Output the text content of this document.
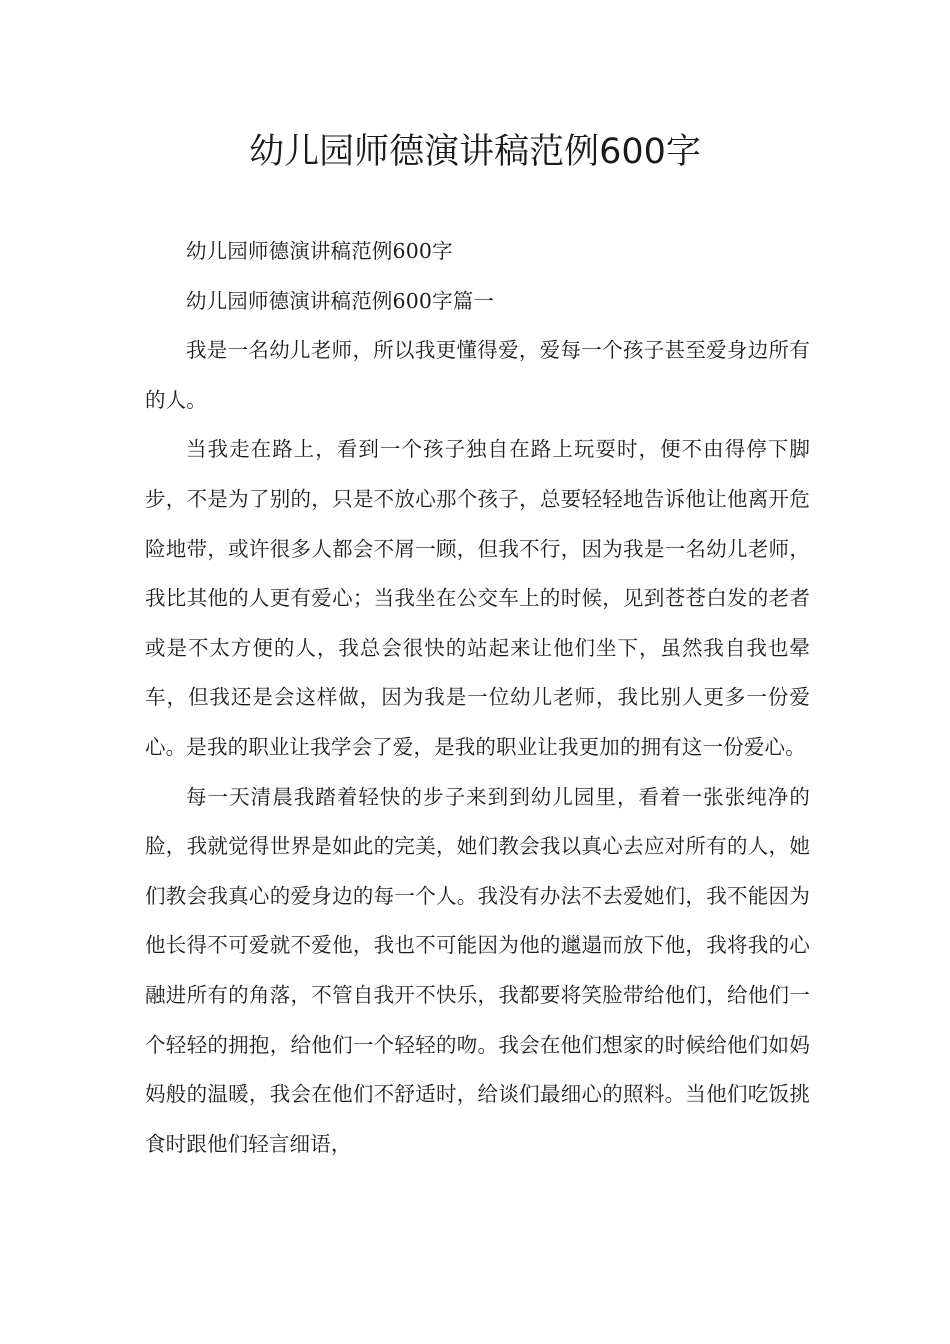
幼儿园师德演讲稿范例600字

幼儿园师德演讲稿范例600字

幼儿园师德演讲稿范例600字篇一

我是一名幼儿老师，所以我更懂得爱，爱每一个孩子甚至爱身边所有的人。

当我走在路上，看到一个孩子独自在路上玩耍时，便不由得停下脚步，不是为了别的，只是不放心那个孩子，总要轻轻地告诉他让他离开危险地带，或许很多人都会不屑一顾，但我不行，因为我是一名幼儿老师，我比其他的人更有爱心；当我坐在公交车上的时候，见到苍苍白发的老者或是不太方便的人，我总会很快的站起来让他们坐下，虽然我自我也晕车，但我还是会这样做，因为我是一位幼儿老师，我比别人更多一份爱心。是我的职业让我学会了爱，是我的职业让我更加的拥有这一份爱心。

每一天清晨我踏着轻快的步子来到到幼儿园里，看着一张张纯净的脸，我就觉得世界是如此的完美，她们教会我以真心去应对所有的人，她们教会我真心的爱身边的每一个人。我没有办法不去爱她们，我不能因为他长得不可爱就不爱他，我也不可能因为他的邋遢而放下他，我将我的心融进所有的角落，不管自我开不快乐，我都要将笑脸带给他们，给他们一个轻轻的拥抱，给他们一个轻轻的吻。我会在他们想家的时候给他们如妈妈般的温暖，我会在他们不舒适时，给谈们最细心的照料。当他们吃饭挑食时跟他们轻言细语，
